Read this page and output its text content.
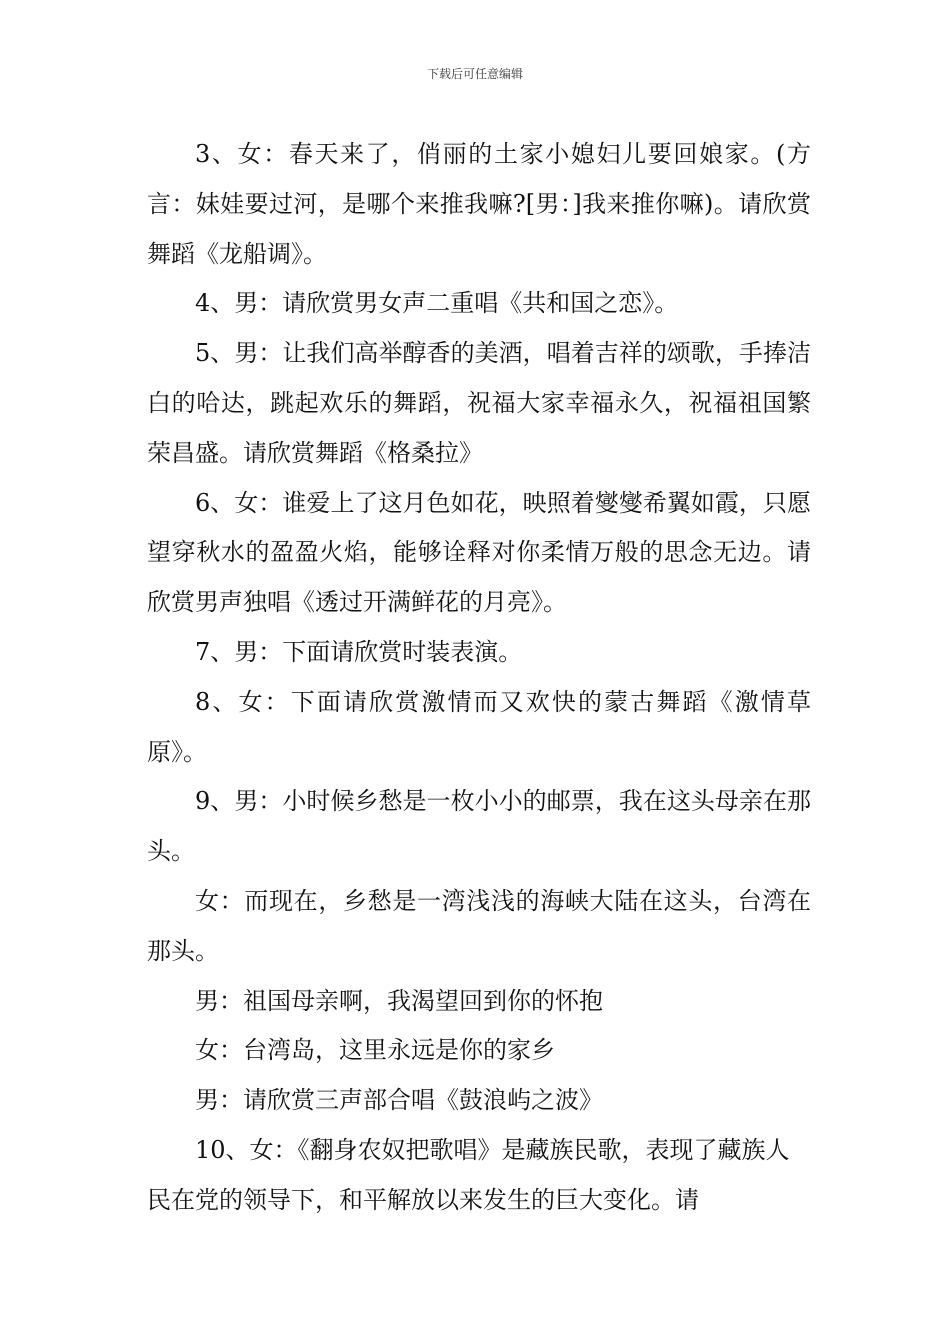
下载后可任意编辑

3、女：春天来了，俏丽的土家小媳妇儿要回娘家。(方言：妹娃要过河，是哪个来推我嘛?[男：]我来推你嘛)。请欣赏舞蹈《龙船调》。

4、男：请欣赏男女声二重唱《共和国之恋》。

5、男：让我们高举醇香的美酒，唱着吉祥的颂歌，手捧洁白的哈达，跳起欢乐的舞蹈，祝福大家幸福永久，祝福祖国繁荣昌盛。请欣赏舞蹈《格桑拉》

6、女：谁爱上了这月色如花，映照着燮燮希翼如霞，只愿望穿秋水的盈盈火焰，能够诠释对你柔情万般的思念无边。请欣赏男声独唱《透过开满鲜花的月亮》。

7、男：下面请欣赏时装表演。

8、女：下面请欣赏激情而又欢快的蒙古舞蹈《激情草原》。

9、男：小时候乡愁是一枚小小的邮票，我在这头母亲在那头。

女：而现在，乡愁是一湾浅浅的海峡大陆在这头，台湾在那头。

男：祖国母亲啊，我渴望回到你的怀抱

女：台湾岛，这里永远是你的家乡

男：请欣赏三声部合唱《鼓浪屿之波》

10、女：《翻身农奴把歌唱》是藏族民歌，表现了藏族人民在党的领导下，和平解放以来发生的巨大变化。请
